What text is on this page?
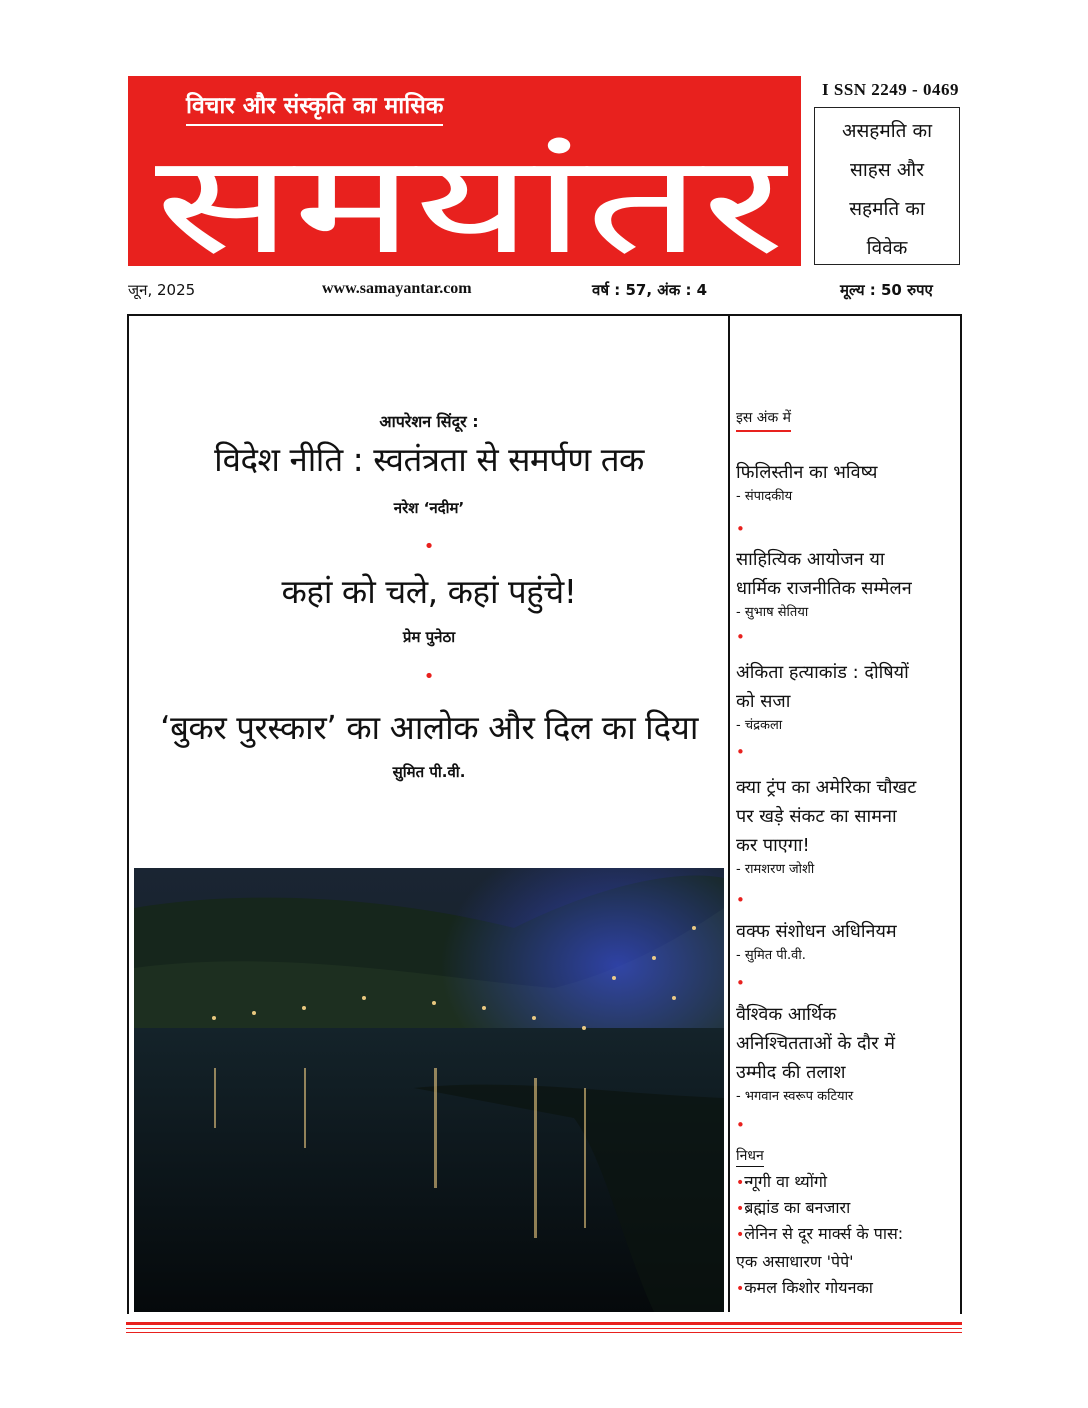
विचार और संस्कृति का मासिक
समयांतर
I SSN 2249 - 0469
असहमति का
साहस और
सहमति का
विवेक
जून, 2025	www.samayantar.com	वर्ष : 57, अंक : 4	मूल्य : 50 रुपए
आपरेशन सिंदूर :
विदेश नीति : स्वतंत्रता से समर्पण तक
नरेश ‘नदीम’
•
कहां को चले, कहां पहुंचे!
प्रेम पुनेठा
•
‘बुकर पुरस्कार’ का आलोक और दिल का दिया
सुमित पी.वी.
इस अंक में
फिलिस्तीन का भविष्य
- संपादकीय
•
साहित्यिक आयोजन या
धार्मिक राजनीतिक सम्मेलन
- सुभाष सेतिया
•
अंकिता हत्याकांड : दोषियों
को सजा
- चंद्रकला
•
क्या ट्रंप का अमेरिका चौखट
पर खड़े संकट का सामना
कर पाएगा!
- रामशरण जोशी
•
वक्फ संशोधन अधिनियम
- सुमित पी.वी.
•
वैश्विक आर्थिक
अनिश्चितताओं के दौर में
उम्मीद की तलाश
- भगवान स्वरूप कटियार
•
निधन
•न्गूगी वा थ्योंगो
•ब्रह्मांड का बनजारा
•लेनिन से दूर मार्क्स के पास:
एक असाधारण 'पेपे'
•कमल किशोर गोयनका
